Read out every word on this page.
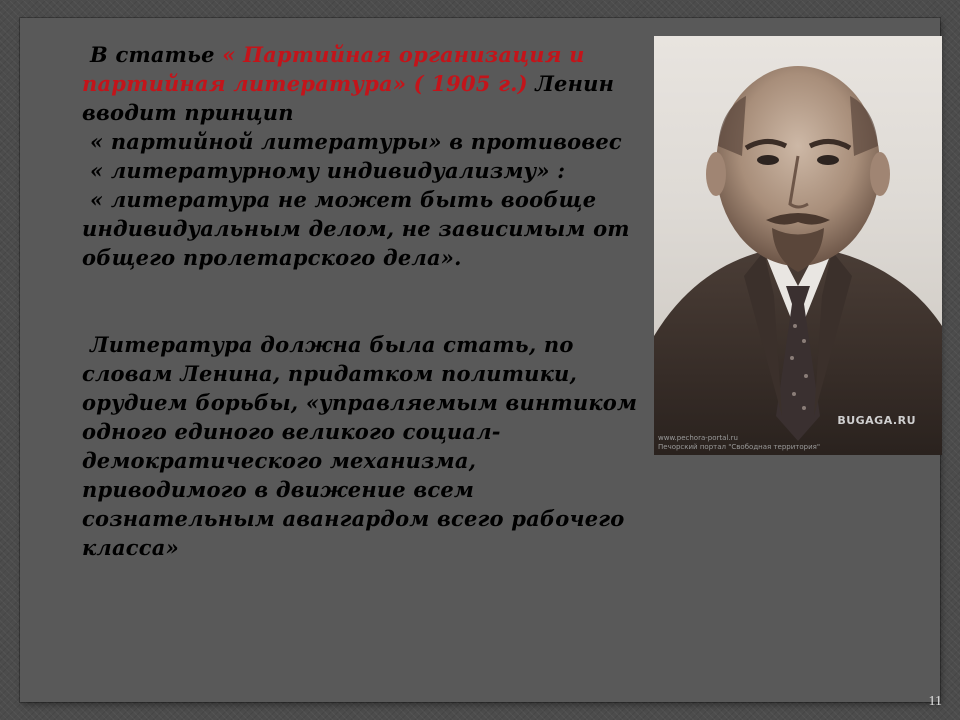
В статье « Партийная организация и
партийная литература» ( 1905 г.) Ленин
вводит принцип
« партийной литературы» в противовес
« литературному индивидуализму» :
« литература не может быть вообще
индивидуальным делом, не зависимым от
общего пролетарского дела».

Литература должна была стать, по
словам Ленина, придатком политики,
орудием борьбы, «управляемым винтиком
одного единого великого социал-
демократического механизма,
приводимого в движение всем
сознательным авангардом всего рабочего
класса»

BUGAGA.RU
www.pechora-portal.ru
Печорский портал "Свободная территория"
11
